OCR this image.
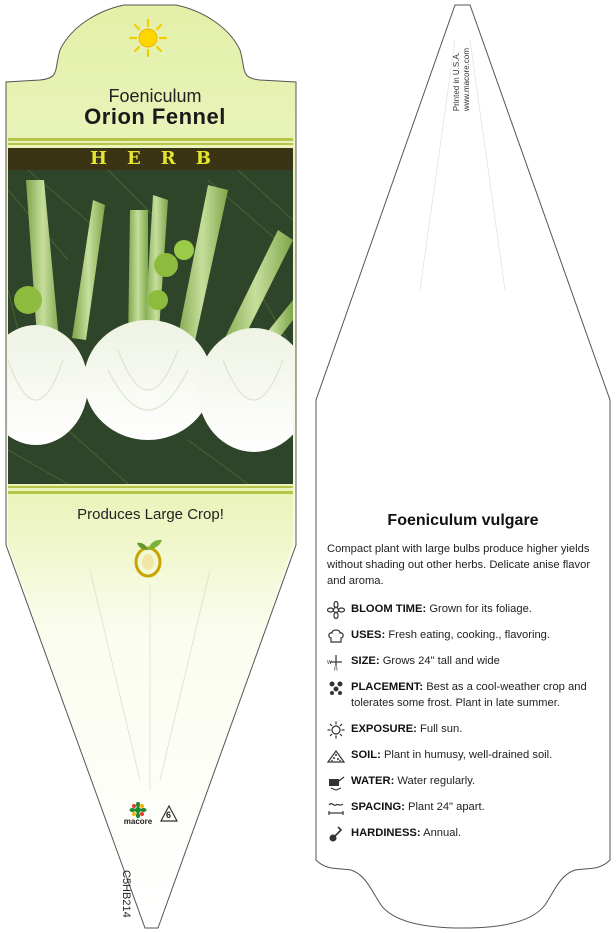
Foeniculum
Orion Fennel
HERB
Produces Large Crop!
macore
6
C5HB214
Printed in U.S.A. www.macore.com
Foeniculum vulgare
Compact plant with large bulbs produce higher yields without shading out other herbs. Delicate anise flavor and aroma.
BLOOM TIME: Grown for its foliage.
USES: Fresh eating, cooking., flavoring.
W
H
SIZE: Grows 24" tall and wide
PLACEMENT: Best as a cool-weather crop and tolerates some frost. Plant in late summer.
EXPOSURE: Full sun.
SOIL: Plant in humusy, well-drained soil.
WATER: Water regularly.
SPACING: Plant 24" apart.
HARDINESS: Annual.
